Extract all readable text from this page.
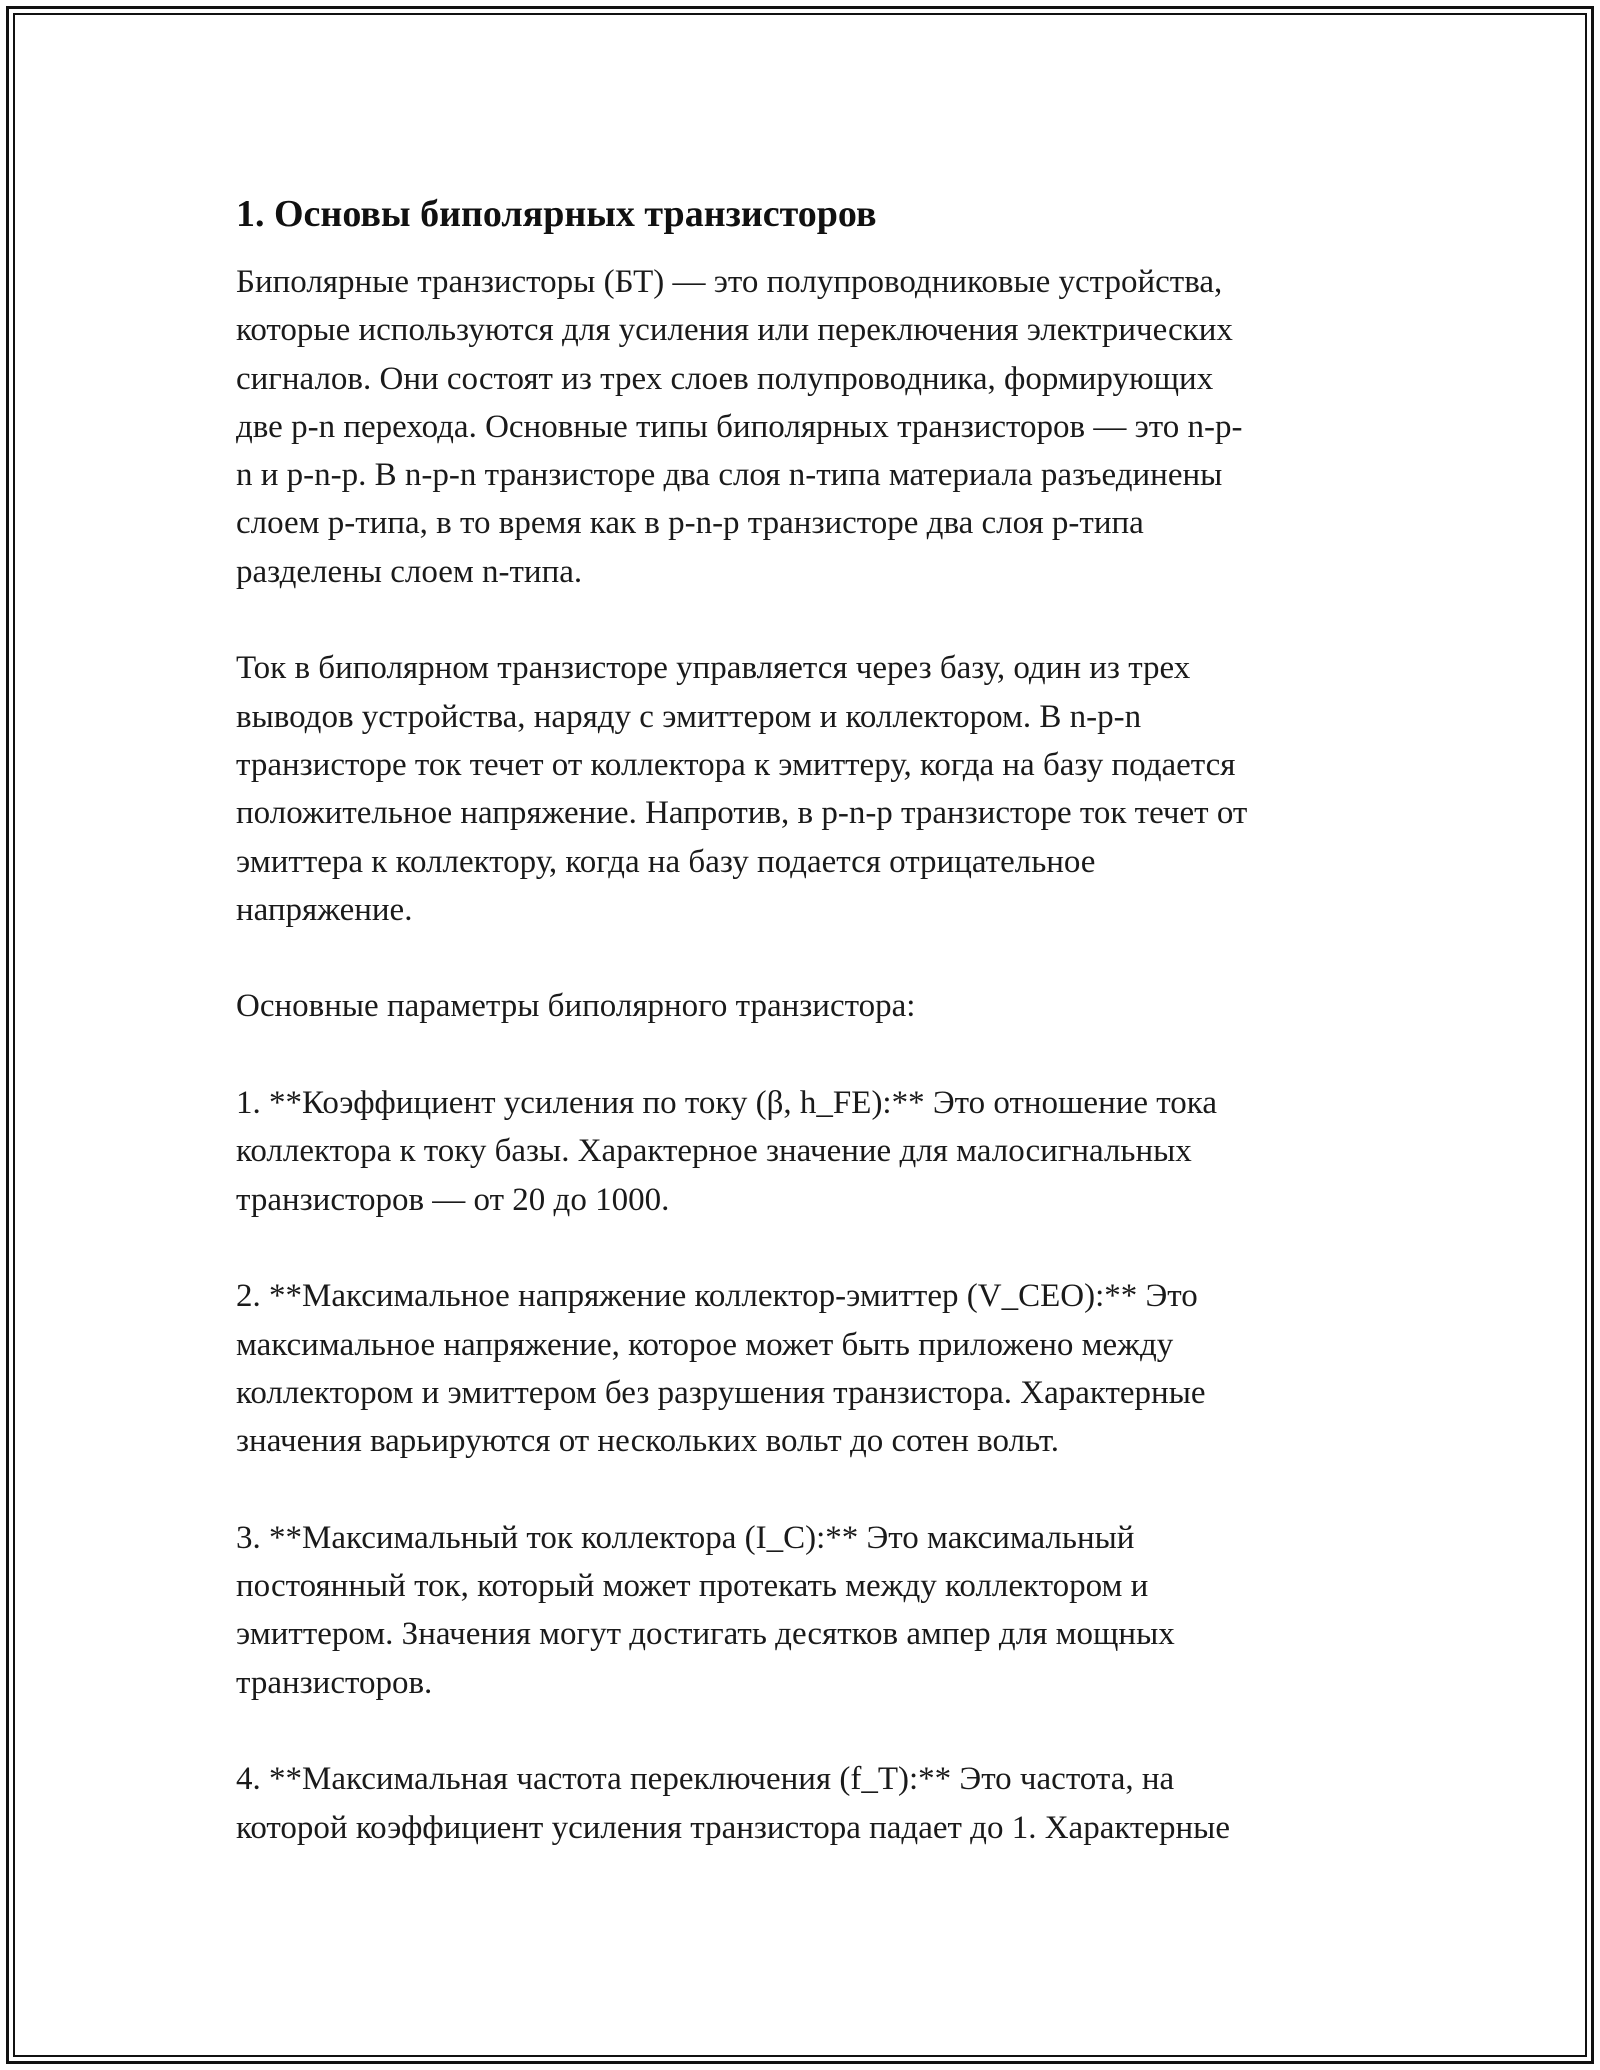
1. Основы биполярных транзисторов

Биполярные транзисторы (БТ) — это полупроводниковые устройства,
которые используются для усиления или переключения электрических
сигналов. Они состоят из трех слоев полупроводника, формирующих
две p-n перехода. Основные типы биполярных транзисторов — это n-p-
n и p-n-p. В n-p-n транзисторе два слоя n-типа материала разъединены
слоем p-типа, в то время как в p-n-p транзисторе два слоя p-типа
разделены слоем n-типа.

Ток в биполярном транзисторе управляется через базу, один из трех
выводов устройства, наряду с эмиттером и коллектором. В n-p-n
транзисторе ток течет от коллектора к эмиттеру, когда на базу подается
положительное напряжение. Напротив, в p-n-p транзисторе ток течет от
эмиттера к коллектору, когда на базу подается отрицательное
напряжение.

Основные параметры биполярного транзистора:

1. **Коэффициент усиления по току (β, h_FE):** Это отношение тока
коллектора к току базы. Характерное значение для малосигнальных
транзисторов — от 20 до 1000.

2. **Максимальное напряжение коллектор-эмиттер (V_CEO):** Это
максимальное напряжение, которое может быть приложено между
коллектором и эмиттером без разрушения транзистора. Характерные
значения варьируются от нескольких вольт до сотен вольт.

3. **Максимальный ток коллектора (I_C):** Это максимальный
постоянный ток, который может протекать между коллектором и
эмиттером. Значения могут достигать десятков ампер для мощных
транзисторов.

4. **Максимальная частота переключения (f_T):** Это частота, на
которой коэффициент усиления транзистора падает до 1. Характерные
